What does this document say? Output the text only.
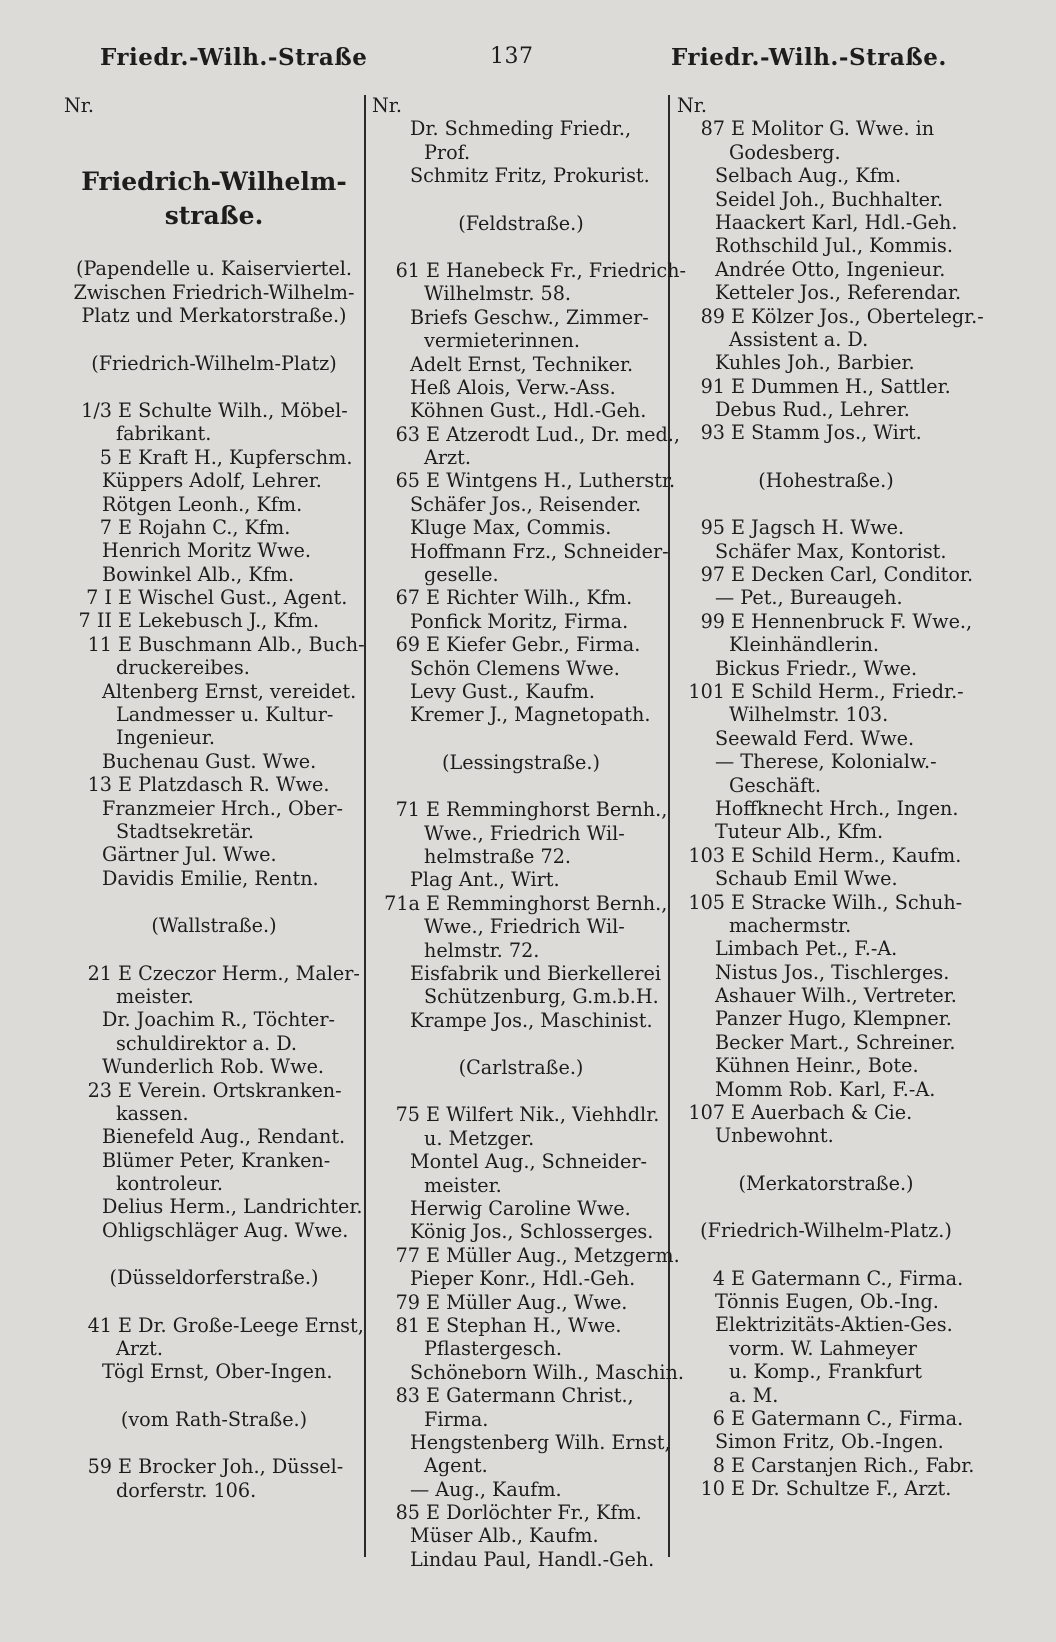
Friedr.-Wilh.-Straße	137	Friedr.-Wilh.-Straße.
Nr.
Friedrich-Wilhelm-
straße.
(Papendelle u. Kaiserviertel.
Zwischen Friedrich-Wilhelm-
Platz und Merkatorstraße.)
(Friedrich-Wilhelm-Platz)
1/3 E Schulte Wilh., Möbel-
fabrikant.
5 E Kraft H., Kupferschm.
Küppers Adolf, Lehrer.
Rötgen Leonh., Kfm.
7 E Rojahn C., Kfm.
Henrich Moritz Wwe.
Bowinkel Alb., Kfm.
7 I E Wischel Gust., Agent.
7 II E Lekebusch J., Kfm.
11 E Buschmann Alb., Buch-
druckereibes.
Altenberg Ernst, vereidet.
Landmesser u. Kultur-
Ingenieur.
Buchenau Gust. Wwe.
13 E Platzdasch R. Wwe.
Franzmeier Hrch., Ober-
Stadtsekretär.
Gärtner Jul. Wwe.
Davidis Emilie, Rentn.
(Wallstraße.)
21 E Czeczor Herm., Maler-
meister.
Dr. Joachim R., Töchter-
schuldirektor a. D.
Wunderlich Rob. Wwe.
23 E Verein. Ortskranken-
kassen.
Bienefeld Aug., Rendant.
Blümer Peter, Kranken-
kontroleur.
Delius Herm., Landrichter.
Ohligschläger Aug. Wwe.
(Düsseldorferstraße.)
41 E Dr. Große-Leege Ernst,
Arzt.
Tögl Ernst, Ober-Ingen.
(vom Rath-Straße.)
59 E Brocker Joh., Düssel-
dorferstr. 106.
Nr.
Dr. Schmeding Friedr.,
Prof.
Schmitz Fritz, Prokurist.
(Feldstraße.)
61 E Hanebeck Fr., Friedrich-
Wilhelmstr. 58.
Briefs Geschw., Zimmer-
vermieterinnen.
Adelt Ernst, Techniker.
Heß Alois, Verw.-Ass.
Köhnen Gust., Hdl.-Geh.
63 E Atzerodt Lud., Dr. med.,
Arzt.
65 E Wintgens H., Lutherstr.
Schäfer Jos., Reisender.
Kluge Max, Commis.
Hoffmann Frz., Schneider-
geselle.
67 E Richter Wilh., Kfm.
Ponfick Moritz, Firma.
69 E Kiefer Gebr., Firma.
Schön Clemens Wwe.
Levy Gust., Kaufm.
Kremer J., Magnetopath.
(Lessingstraße.)
71 E Remminghorst Bernh.,
Wwe., Friedrich Wil-
helmstraße 72.
Plag Ant., Wirt.
71a E Remminghorst Bernh.,
Wwe., Friedrich Wil-
helmstr. 72.
Eisfabrik und Bierkellerei
Schützenburg, G.m.b.H.
Krampe Jos., Maschinist.
(Carlstraße.)
75 E Wilfert Nik., Viehhdlr.
u. Metzger.
Montel Aug., Schneider-
meister.
Herwig Caroline Wwe.
König Jos., Schlosserges.
77 E Müller Aug., Metzgerm.
Pieper Konr., Hdl.-Geh.
79 E Müller Aug., Wwe.
81 E Stephan H., Wwe.
Pflastergesch.
Schöneborn Wilh., Maschin.
83 E Gatermann Christ.,
Firma.
Hengstenberg Wilh. Ernst,
Agent.
— Aug., Kaufm.
85 E Dorlöchter Fr., Kfm.
Müser Alb., Kaufm.
Lindau Paul, Handl.-Geh.
Nr.
87 E Molitor G. Wwe. in
Godesberg.
Selbach Aug., Kfm.
Seidel Joh., Buchhalter.
Haackert Karl, Hdl.-Geh.
Rothschild Jul., Kommis.
Andrée Otto, Ingenieur.
Ketteler Jos., Referendar.
89 E Kölzer Jos., Obertelegr.-
Assistent a. D.
Kuhles Joh., Barbier.
91 E Dummen H., Sattler.
Debus Rud., Lehrer.
93 E Stamm Jos., Wirt.
(Hohestraße.)
95 E Jagsch H. Wwe.
Schäfer Max, Kontorist.
97 E Decken Carl, Conditor.
— Pet., Bureaugeh.
99 E Hennenbruck F. Wwe.,
Kleinhändlerin.
Bickus Friedr., Wwe.
101 E Schild Herm., Friedr.-
Wilhelmstr. 103.
Seewald Ferd. Wwe.
— Therese, Kolonialw.-
Geschäft.
Hoffknecht Hrch., Ingen.
Tuteur Alb., Kfm.
103 E Schild Herm., Kaufm.
Schaub Emil Wwe.
105 E Stracke Wilh., Schuh-
machermstr.
Limbach Pet., F.-A.
Nistus Jos., Tischlerges.
Ashauer Wilh., Vertreter.
Panzer Hugo, Klempner.
Becker Mart., Schreiner.
Kühnen Heinr., Bote.
Momm Rob. Karl, F.-A.
107 E Auerbach & Cie.
Unbewohnt.
(Merkatorstraße.)
(Friedrich-Wilhelm-Platz.)
4 E Gatermann C., Firma.
Tönnis Eugen, Ob.-Ing.
Elektrizitäts-Aktien-Ges.
vorm. W. Lahmeyer
u. Komp., Frankfurt
a. M.
6 E Gatermann C., Firma.
Simon Fritz, Ob.-Ingen.
8 E Carstanjen Rich., Fabr.
10 E Dr. Schultze F., Arzt.
